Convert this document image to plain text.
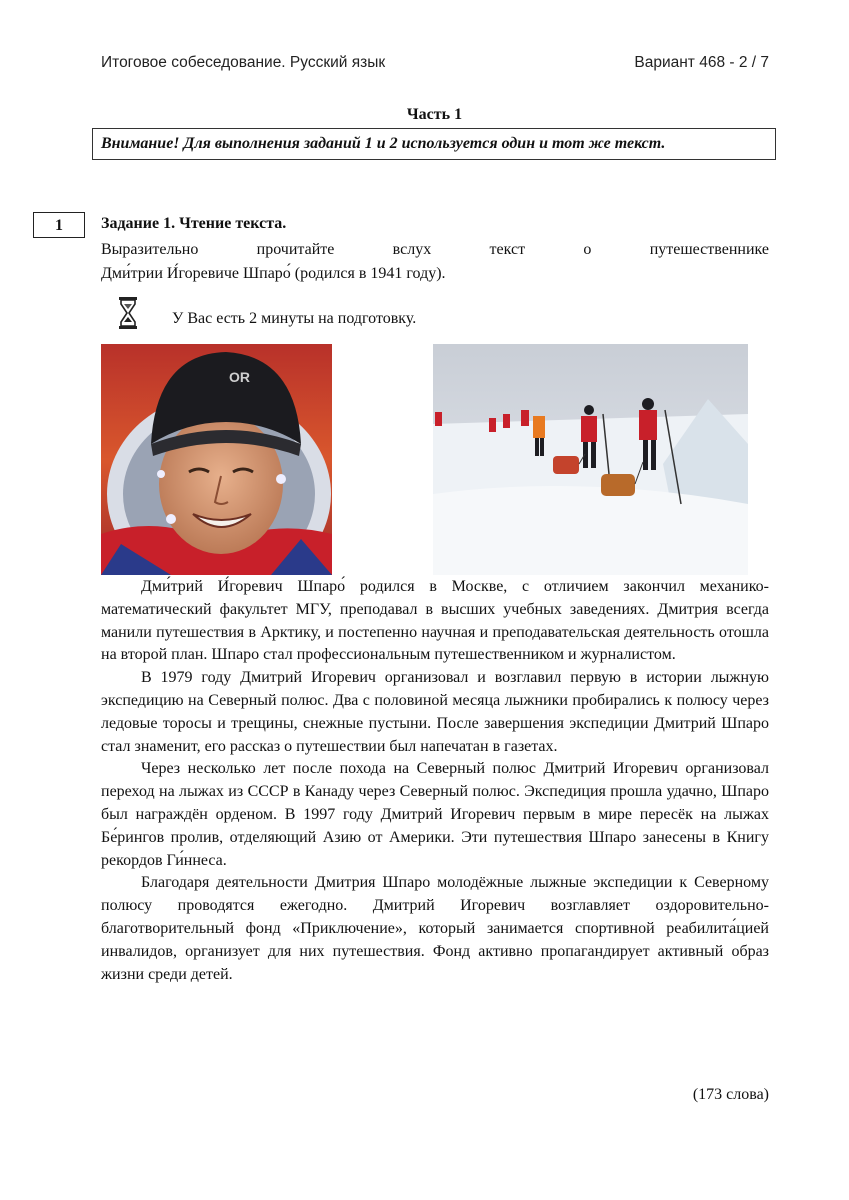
Итоговое собеседование. Русский язык	Вариант 468 - 2 / 7
Часть 1
Внимание! Для выполнения заданий 1 и 2 используется один и тот же текст.
1	Задание 1. Чтение текста.
Выразительно прочитайте вслух текст о путешественнике
Дми́трии И́горевиче Шпаро́ (родился в 1941 году).
У Вас есть 2 минуты на подготовку.
OR

Дми́трий И́горевич Шпаро́ родился в Москве, с отличием закончил механико-математический факультет МГУ, преподавал в высших учебных заведениях. Дмитрия всегда манили путешествия в Арктику, и постепенно научная и преподавательская деятельность отошла на второй план. Шпаро стал профессиональным путешественником и журналистом.

В 1979 году Дмитрий Игоревич организовал и возглавил первую в истории лыжную экспедицию на Северный полюс. Два с половиной месяца лыжники пробирались к полюсу через ледовые торосы и трещины, снежные пустыни. После завершения экспедиции Дмитрий Шпаро стал знаменит, его рассказ о путешествии был напечатан в газетах.

Через несколько лет после похода на Северный полюс Дмитрий Игоревич организовал переход на лыжах из СССР в Канаду через Северный полюс. Экспедиция прошла удачно, Шпаро был награждён орденом. В 1997 году Дмитрий Игоревич первым в мире пересёк на лыжах Бе́рингов пролив, отделяющий Азию от Америки. Эти путешествия Шпаро занесены в Книгу рекордов Ги́ннеса.

Благодаря деятельности Дмитрия Шпаро молодёжные лыжные экспедиции к Северному полюсу проводятся ежегодно. Дмитрий Игоревич возглавляет оздоровительно-благотворительный фонд «Приключение», который занимается спортивной реабилита́цией инвалидов, организует для них путешествия. Фонд активно пропагандирует активный образ жизни среди детей.

(173 слова)
